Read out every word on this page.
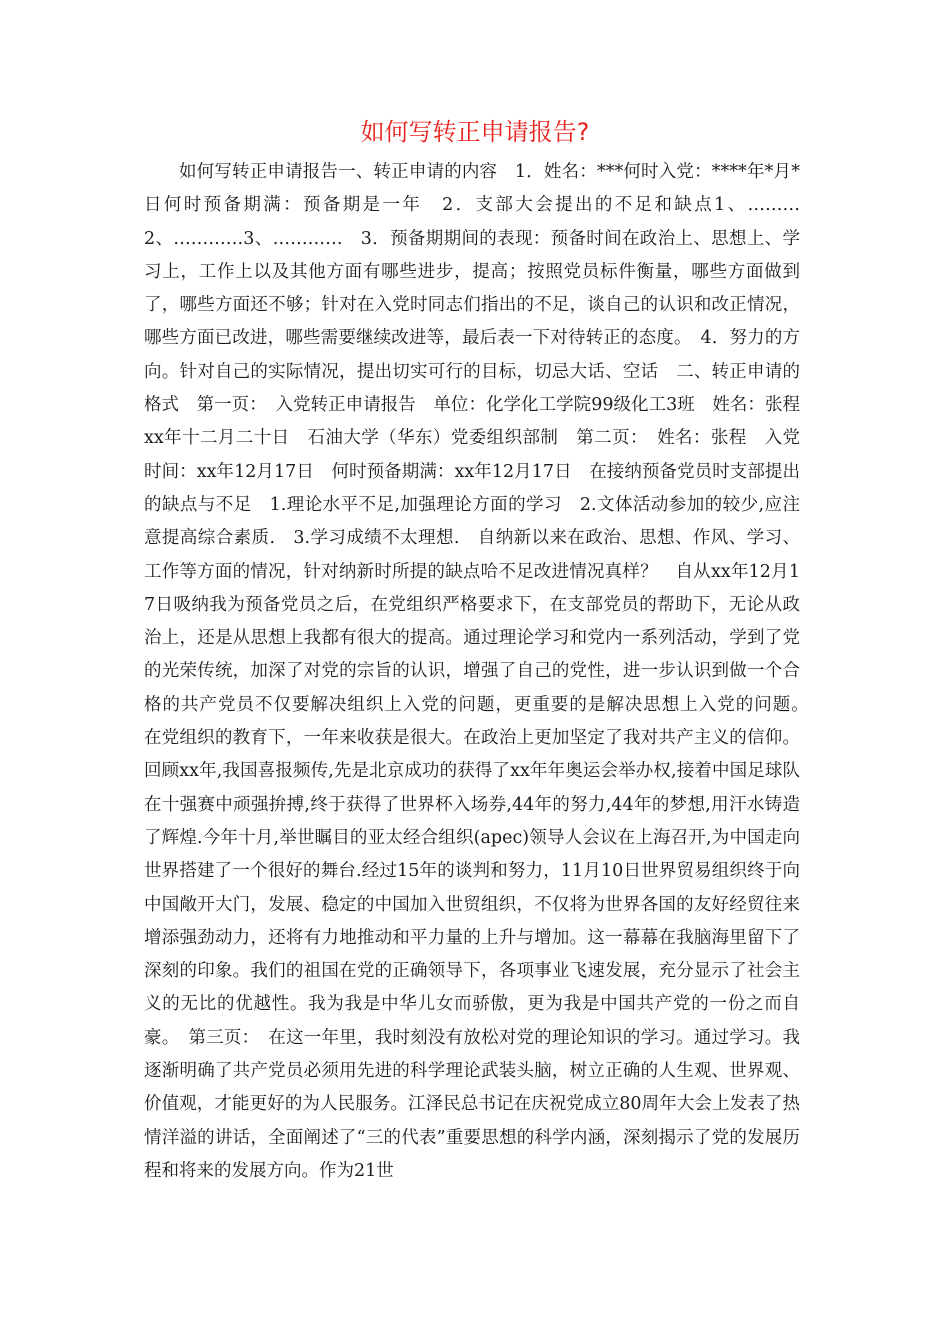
如何写转正申请报告?

如何写转正申请报告一、转正申请的内容　1．姓名：***何时入党：****年*月*日何时预备期满：预备期是一年　2．支部大会提出的不足和缺点1、………2、…………3、…………　3．预备期期间的表现：预备时间在政治上、思想上、学习上，工作上以及其他方面有哪些进步，提高；按照党员标件衡量，哪些方面做到了，哪些方面还不够；针对在入党时同志们指出的不足，谈自己的认识和改正情况，哪些方面已改进，哪些需要继续改进等，最后表一下对待转正的态度。　4．努力的方向。针对自己的实际情况，提出切实可行的目标，切忌大话、空话　二、转正申请的格式　第一页：　入党转正申请报告　单位：化学化工学院99级化工3班　姓名：张程　xx年十二月二十日　石油大学（华东）党委组织部制　第二页：　姓名：张程　入党时间：xx年12月17日　何时预备期满：xx年12月17日　在接纳预备党员时支部提出的缺点与不足　1.理论水平不足,加强理论方面的学习　2.文体活动参加的较少,应注意提高综合素质.　3.学习成绩不太理想.　自纳新以来在政治、思想、作风、学习、工作等方面的情况，针对纳新时所提的缺点哈不足改进情况真样？　自从xx年12月17日吸纳我为预备党员之后，在党组织严格要求下，在支部党员的帮助下，无论从政治上，还是从思想上我都有很大的提高。通过理论学习和党内一系列活动，学到了党的光荣传统，加深了对党的宗旨的认识，增强了自己的党性，进一步认识到做一个合格的共产党员不仅要解决组织上入党的问题，更重要的是解决思想上入党的问题。　在党组织的教育下，一年来收获是很大。在政治上更加坚定了我对共产主义的信仰。回顾xx年,我国喜报频传,先是北京成功的获得了xx年年奥运会举办权,接着中国足球队在十强赛中顽强拚搏,终于获得了世界杯入场券,44年的努力,44年的梦想,用汗水铸造了辉煌.今年十月,举世瞩目的亚太经合组织(apec)领导人会议在上海召开,为中国走向世界搭建了一个很好的舞台.经过15年的谈判和努力，11月10日世界贸易组织终于向中国敞开大门，发展、稳定的中国加入世贸组织，不仅将为世界各国的友好经贸往来增添强劲动力，还将有力地推动和平力量的上升与增加。这一幕幕在我脑海里留下了深刻的印象。我们的祖国在党的正确领导下，各项事业飞速发展，充分显示了社会主义的无比的优越性。我为我是中华儿女而骄傲，更为我是中国共产党的一份之而自豪。　第三页：　在这一年里，我时刻没有放松对党的理论知识的学习。通过学习。我逐渐明确了共产党员必须用先进的科学理论武装头脑，树立正确的人生观、世界观、价值观，才能更好的为人民服务。江泽民总书记在庆祝党成立80周年大会上发表了热情洋溢的讲话，全面阐述了“三的代表”重要思想的科学内涵，深刻揭示了党的发展历程和将来的发展方向。作为21世
